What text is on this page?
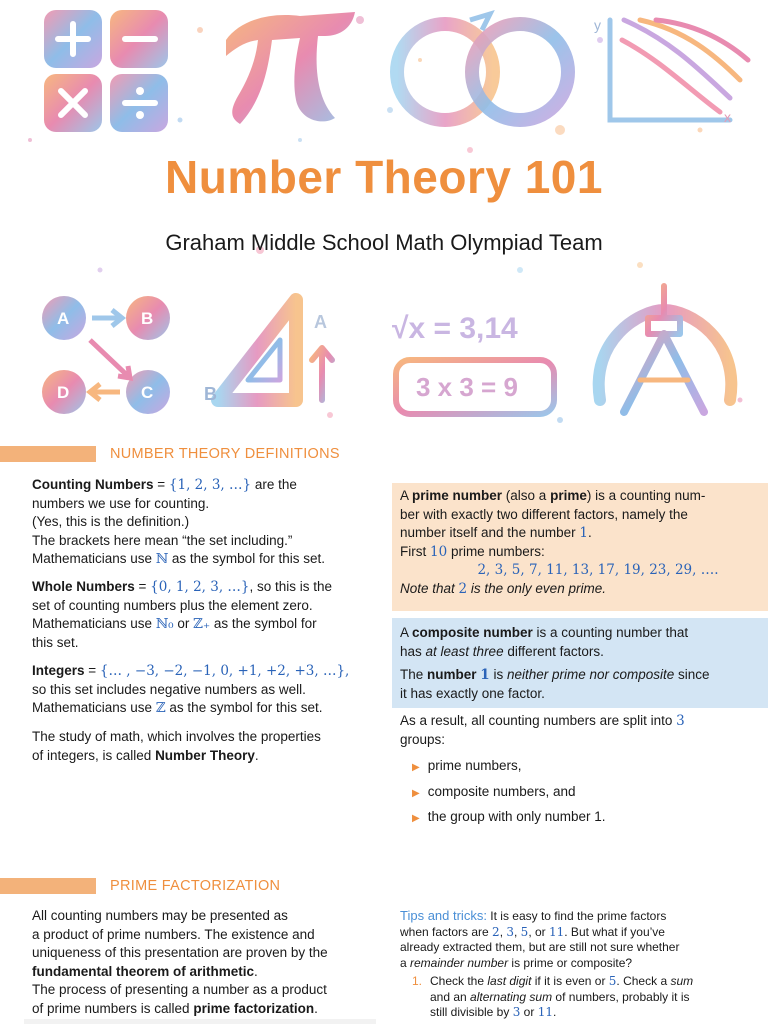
y
x
A	B
D	C	B
A √x = 3,14
3 x 3 = 9
Number Theory 101
Graham Middle School Math Olympiad Team
NUMBER THEORY DEFINITIONS
Counting Numbers = {1, 2, 3, …} are the
numbers we use for counting.
(Yes, this is the definition.)
The brackets here mean “the set including.”
Mathematicians use ℕ as the symbol for this set.
Whole Numbers = {0, 1, 2, 3, …}, so this is the
set of counting numbers plus the element zero.
Mathematicians use ℕ₀ or ℤ₊ as the symbol for
this set.
Integers = {… , −3, −2, −1, 0, +1, +2, +3, …},
so this set includes negative numbers as well.
Mathematicians use ℤ as the symbol for this set.
The study of math, which involves the properties
of integers, is called Number Theory.
A prime number (also a prime) is a counting num-
ber with exactly two different factors, namely the
number itself and the number 1.
First 10 prime numbers:

2, 3, 5, 7, 11, 13, 17, 19, 23, 29, ….
Note that 2 is the only even prime.
A composite number is a counting number that
has at least three different factors.

The number 1 is neither prime nor composite since
it has exactly one factor.
As a result, all counting numbers are split into 3
groups:
▶ prime numbers,
▶ composite numbers, and
▶ the group with only number 1.
PRIME FACTORIZATION
All counting numbers may be presented as
a product of prime numbers. The existence and
uniqueness of this presentation are proven by the
fundamental theorem of arithmetic.
The process of presenting a number as a product
of prime numbers is called prime factorization.
Tips and tricks: It is easy to find the prime factors
when factors are 2, 3, 5, or 11. But what if you’ve
already extracted them, but are still not sure whether
a remainder number is prime or composite?
1. Check the last digit if it is even or 5. Check a sum
and an alternating sum of numbers, probably it is
still divisible by 3 or 11.
